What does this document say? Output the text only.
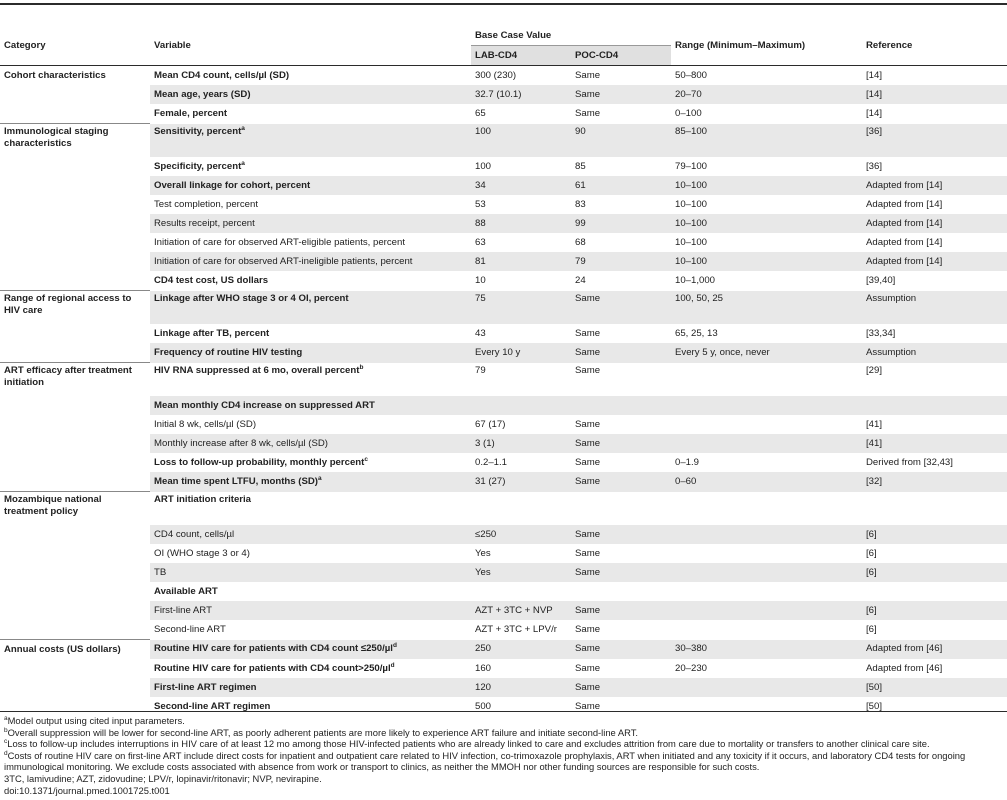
Category	Variable	Base Case Value		Range (Minimum–Maximum)	Reference
		LAB-CD4	POC-CD4		
Cohort characteristics	Mean CD4 count, cells/µl (SD)	300 (230)	Same	50–800	[14]
	Mean age, years (SD)	32.7 (10.1)	Same	20–70	[14]
	Female, percent	65	Same	0–100	[14]
Immunological staging characteristics	Sensitivity, percent$^a$	100	90	85–100	[36]
	Specificity, percent$^a$	100	85	79–100	[36]
	Overall linkage for cohort, percent	34	61	10–100	Adapted from [14]
	Test completion, percent	53	83	10–100	Adapted from [14]
	Results receipt, percent	88	99	10–100	Adapted from [14]
	Initiation of care for observed ART-eligible patients, percent	63	68	10–100	Adapted from [14]
	Initiation of care for observed ART-ineligible patients, percent	81	79	10–100	Adapted from [14]
	CD4 test cost, US dollars	10	24	10–1,000	[39,40]
Range of regional access to HIV care	Linkage after WHO stage 3 or 4 OI, percent	75	Same	100, 50, 25	Assumption
	Linkage after TB, percent	43	Same	65, 25, 13	[33,34]
	Frequency of routine HIV testing	Every 10 y	Same	Every 5 y, once, never	Assumption
ART efficacy after treatment initiation	HIV RNA suppressed at 6 mo, overall percent$^b$	79	Same		[29]
	Mean monthly CD4 increase on suppressed ART				
	Initial 8 wk, cells/µl (SD)	67 (17)	Same		[41]
	Monthly increase after 8 wk, cells/µl (SD)	3 (1)	Same		[41]
	Loss to follow-up probability, monthly percent$^c$	0.2–1.1	Same	0–1.9	Derived from [32,43]
	Mean time spent LTFU, months (SD)$^a$	31 (27)	Same	0–60	[32]
Mozambique national treatment policy	ART initiation criteria				
	CD4 count, cells/µl	≤250	Same		[6]
	OI (WHO stage 3 or 4)	Yes	Same		[6]
	TB	Yes	Same		[6]
	Available ART				
	First-line ART	AZT + 3TC + NVP	Same		[6]
	Second-line ART	AZT + 3TC + LPV/r	Same		[6]
Annual costs (US dollars)	Routine HIV care for patients with CD4 count ≤250/µl$^d$	250	Same	30–380	Adapted from [46]
	Routine HIV care for patients with CD4 count>250/µl$^d$	160	Same	20–230	Adapted from [46]
	First-line ART regimen	120	Same		[50]
	Second-line ART regimen	500	Same		[50]
$^a$Model output using cited input parameters.
$^b$Overall suppression will be lower for second-line ART, as poorly adherent patients are more likely to experience ART failure and initiate second-line ART.
$^c$Loss to follow-up includes interruptions in HIV care of at least 12 mo among those HIV-infected patients who are already linked to care and excludes attrition from care due to mortality or transfers to another clinical care site.
$^d$Costs of routine HIV care on first-line ART include direct costs for inpatient and outpatient care related to HIV infection, co-trimoxazole prophylaxis, ART when initiated and any toxicity if it occurs, and laboratory CD4 tests for ongoing immunological monitoring. We exclude costs associated with absence from work or transport to clinics, as neither the MMOH nor other funding sources are responsible for such costs.
3TC, lamivudine; AZT, zidovudine; LPV/r, lopinavir/ritonavir; NVP, nevirapine.
doi:10.1371/journal.pmed.1001725.t001
